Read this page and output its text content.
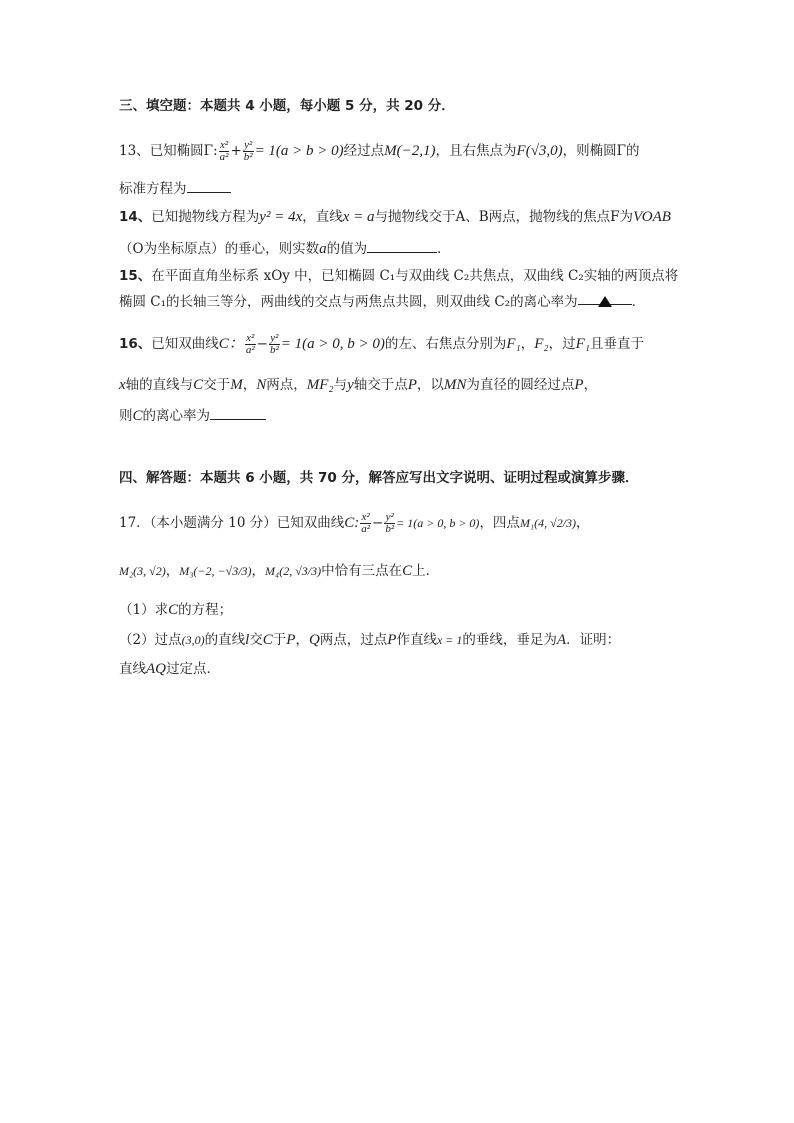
三、填空题：本题共 4 小题，每小题 5 分，共 20 分．
13、已知椭圆Γ: $\frac{\text{x²}}{\text{a²}} + \frac{\text{y²}}{\text{b²}} = 1(a > b > 0)$经过点M(−2,1)，且右焦点为F(√3,0)，则椭圆Γ的
标准方程为
14、已知抛物线方程为y² = 4x，直线x = a与抛物线交于A、B两点，抛物线的焦点F为VOAB
（O为坐标原点）的垂心，则实数a的值为	．
15、在平面直角坐标系 xOy 中，已知椭圆 C₁与双曲线 C₂共焦点，双曲线 C₂实轴的两顶点将
椭圆 C₁的长轴三等分，两曲线的交点与两焦点共圆，则双曲线 C₂的离心率为	．
16、已知双曲线C： $\frac{\text{x²}}{\text{a²}} - \frac{\text{y²}}{\text{b²}} = 1(a > 0$, b > 0)的左、右焦点分别为F₁，F₂，过F₁且垂直于
x轴的直线与C交于M，N两点，MF₂与y轴交于点P，以MN为直径的圆经过点P，
则C的离心率为
四、解答题：本题共 6 小题，共 70 分，解答应写出文字说明、证明过程或演算步骤．
17．（本小题满分 10 分）已知双曲线C: $\frac{\text{x²}}{\text{a²}} - \frac{\text{y²}}{\text{b²}} = 1(a > 0$, b > 0)，四点M₁(4, √2/3)，
M₂(3, √2)，M₃(−2, −√3/3)，M₄(2, √3/3)中恰有三点在C上．
（1）求C的方程；
（2）过点(3,0)的直线l交C于P，Q两点，过点P作直线x = 1的垂线，垂足为A．证明：
直线AQ过定点．
